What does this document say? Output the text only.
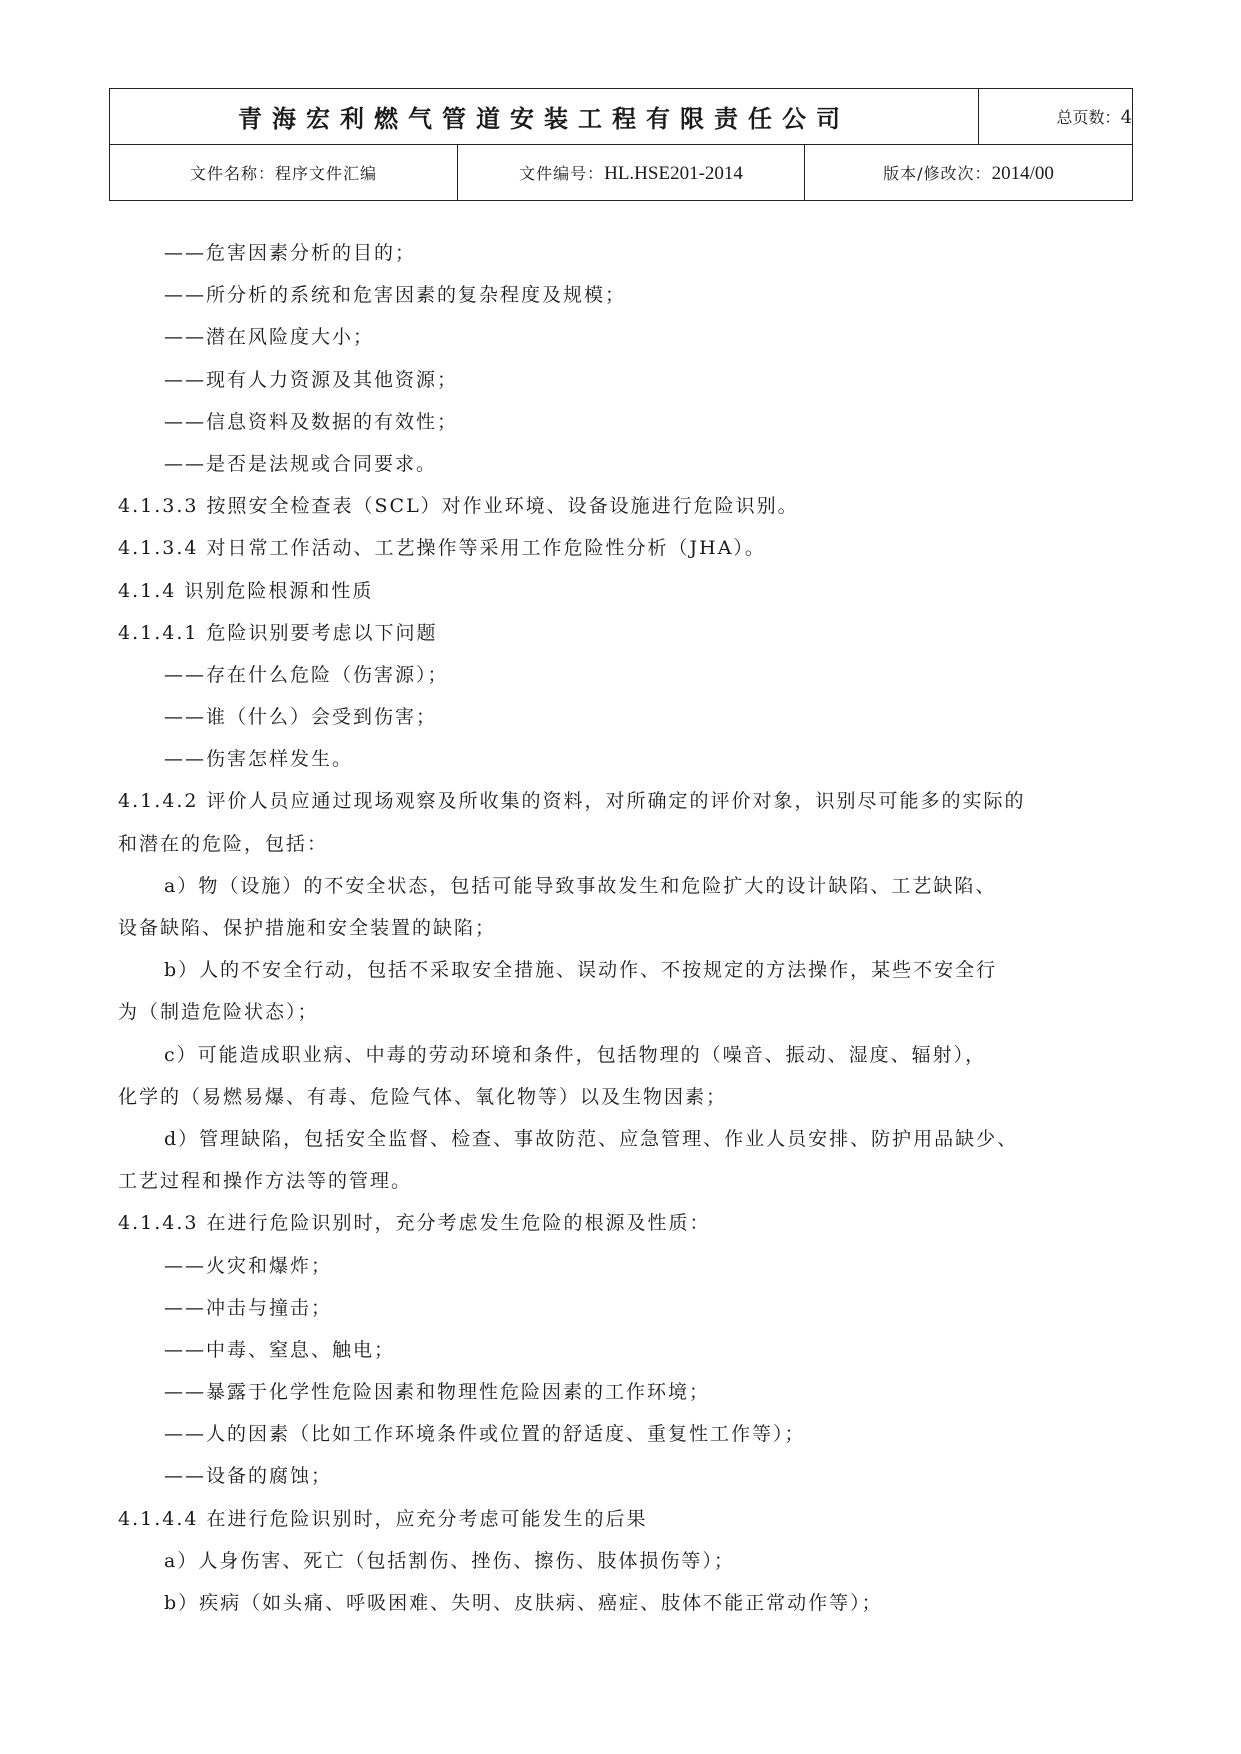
青海宏利燃气管道安装工程有限责任公司			总页数：4
文件名称：程序文件汇编	文件编号：HL.HSE201-2014	版本/修改次：2014/00	
——危害因素分析的目的；
——所分析的系统和危害因素的复杂程度及规模；
——潜在风险度大小；
——现有人力资源及其他资源；
——信息资料及数据的有效性；
——是否是法规或合同要求。
4.1.3.3 按照安全检查表（SCL）对作业环境、设备设施进行危险识别。
4.1.3.4 对日常工作活动、工艺操作等采用工作危险性分析（JHA）。
4.1.4 识别危险根源和性质
4.1.4.1 危险识别要考虑以下问题
——存在什么危险（伤害源）；
——谁（什么）会受到伤害；
——伤害怎样发生。
4.1.4.2 评价人员应通过现场观察及所收集的资料，对所确定的评价对象，识别尽可能多的实际的
和潜在的危险，包括：
a）物（设施）的不安全状态，包括可能导致事故发生和危险扩大的设计缺陷、工艺缺陷、
设备缺陷、保护措施和安全装置的缺陷；
b）人的不安全行动，包括不采取安全措施、误动作、不按规定的方法操作，某些不安全行
为（制造危险状态）；
c）可能造成职业病、中毒的劳动环境和条件，包括物理的（噪音、振动、湿度、辐射），
化学的（易燃易爆、有毒、危险气体、氧化物等）以及生物因素；
d）管理缺陷，包括安全监督、检查、事故防范、应急管理、作业人员安排、防护用品缺少、
工艺过程和操作方法等的管理。
4.1.4.3 在进行危险识别时，充分考虑发生危险的根源及性质：
——火灾和爆炸；
——冲击与撞击；
——中毒、窒息、触电；
——暴露于化学性危险因素和物理性危险因素的工作环境；
——人的因素（比如工作环境条件或位置的舒适度、重复性工作等）；
——设备的腐蚀；
4.1.4.4 在进行危险识别时，应充分考虑可能发生的后果
a）人身伤害、死亡（包括割伤、挫伤、擦伤、肢体损伤等）；
b）疾病（如头痛、呼吸困难、失明、皮肤病、癌症、肢体不能正常动作等）；
